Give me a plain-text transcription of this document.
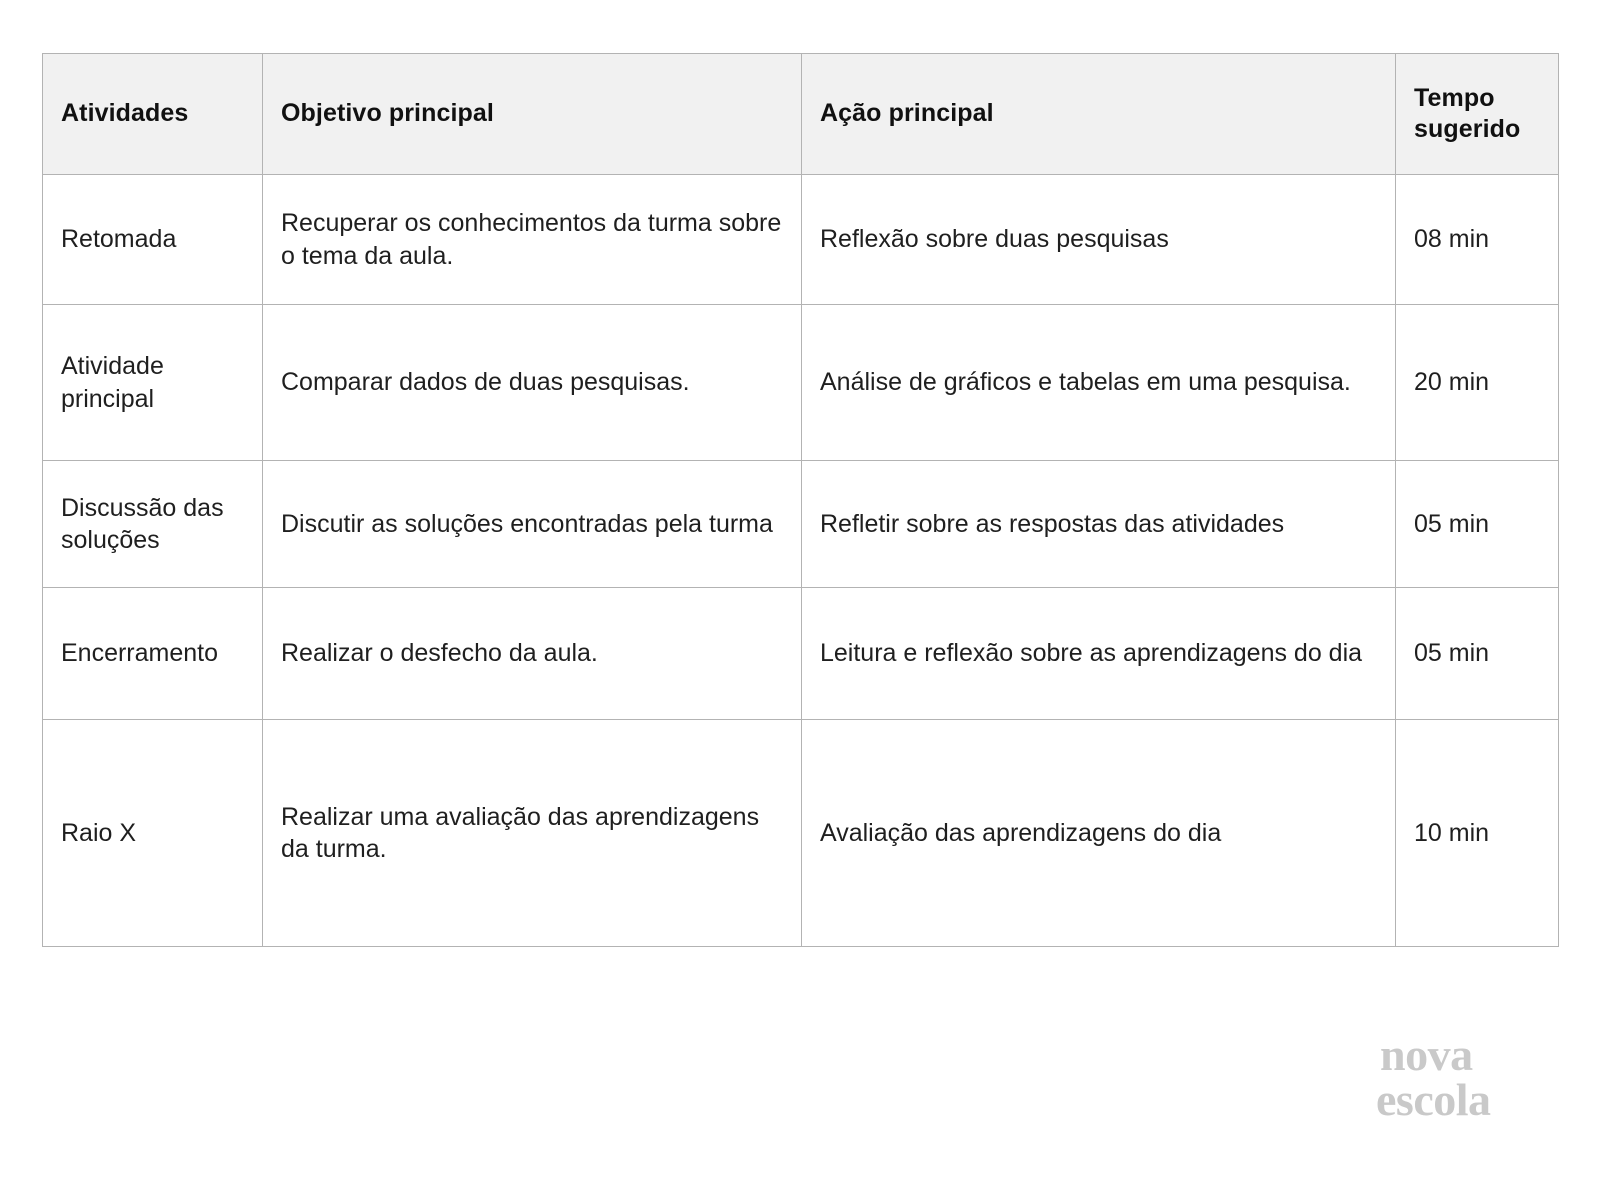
Atividades	Objetivo principal	Ação principal	Tempo
sugerido

Retomada	Recuperar os conhecimentos da turma sobre o tema da aula.	Reflexão sobre duas pesquisas	08 min

Atividade principal	Comparar dados de duas pesquisas.	Análise de gráficos e tabelas em uma pesquisa.	20 min

Discussão das soluções	Discutir as soluções encontradas pela turma	Refletir sobre as respostas das atividades	05 min

Encerramento	Realizar o desfecho da aula.	Leitura e reflexão sobre as aprendizagens do dia	05 min

Raio X	Realizar uma avaliação das aprendizagens da turma.	Avaliação das aprendizagens do dia	10 min
nova
escola
